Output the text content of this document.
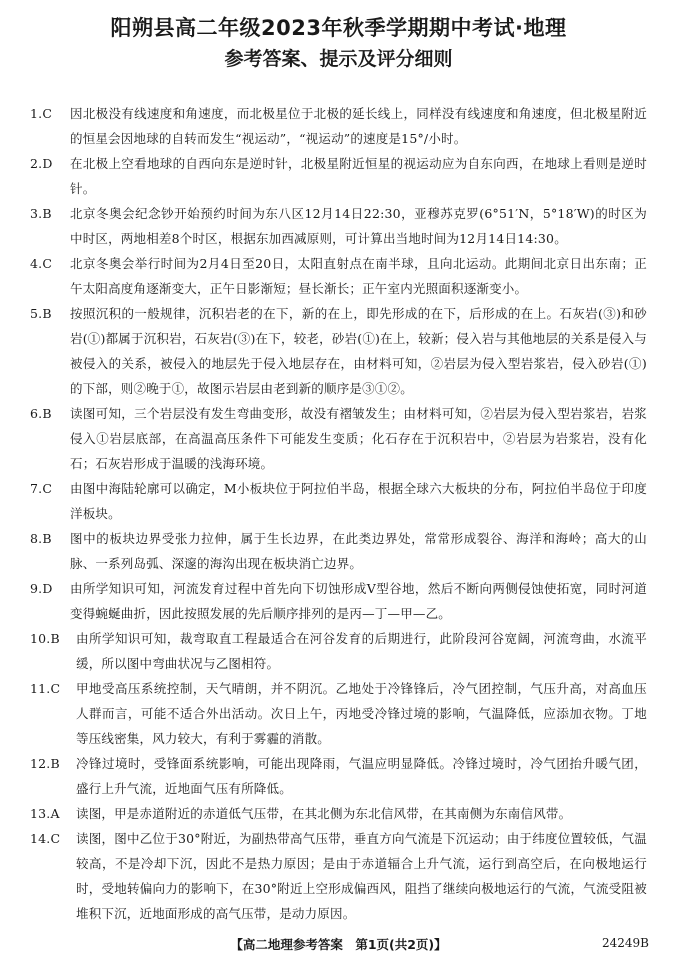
阳朔县高二年级2023年秋季学期期中考试·地理
参考答案、提示及评分细则
1.C	因北极没有线速度和角速度，而北极星位于北极的延长线上，同样没有线速度和角速度，但北极星附近的恒星会因地球的自转而发生“视运动”，“视运动”的速度是15°/小时。
2.D	在北极上空看地球的自西向东是逆时针，北极星附近恒星的视运动应为自东向西，在地球上看则是逆时针。
3.B	北京冬奥会纪念钞开始预约时间为东八区12月14日22:30，亚穆苏克罗(6°51′N，5°18′W)的时区为中时区，两地相差8个时区，根据东加西减原则，可计算出当地时间为12月14日14:30。
4.C	北京冬奥会举行时间为2月4日至20日，太阳直射点在南半球，且向北运动。此期间北京日出东南；正午太阳高度角逐渐变大，正午日影渐短；昼长渐长；正午室内光照面积逐渐变小。
5.B	按照沉积的一般规律，沉积岩老的在下，新的在上，即先形成的在下，后形成的在上。石灰岩(③)和砂岩(①)都属于沉积岩，石灰岩(③)在下，较老，砂岩(①)在上，较新；侵入岩与其他地层的关系是侵入与被侵入的关系，被侵入的地层先于侵入地层存在，由材料可知，②岩层为侵入型岩浆岩，侵入砂岩(①)的下部，则②晚于①，故图示岩层由老到新的顺序是③①②。
6.B	读图可知，三个岩层没有发生弯曲变形，故没有褶皱发生；由材料可知，②岩层为侵入型岩浆岩，岩浆侵入①岩层底部，在高温高压条件下可能发生变质；化石存在于沉积岩中，②岩层为岩浆岩，没有化石；石灰岩形成于温暖的浅海环境。
7.C	由图中海陆轮廓可以确定，M小板块位于阿拉伯半岛，根据全球六大板块的分布，阿拉伯半岛位于印度洋板块。
8.B	图中的板块边界受张力拉伸，属于生长边界，在此类边界处，常常形成裂谷、海洋和海岭；高大的山脉、一系列岛弧、深邃的海沟出现在板块消亡边界。
9.D	由所学知识可知，河流发育过程中首先向下切蚀形成V型谷地，然后不断向两侧侵蚀使拓宽，同时河道变得蜿蜒曲折，因此按照发展的先后顺序排列的是丙—丁—甲—乙。
10.B	由所学知识可知，裁弯取直工程最适合在河谷发育的后期进行，此阶段河谷宽阔，河流弯曲，水流平缓，所以图中弯曲状况与乙图相符。
11.C	甲地受高压系统控制，天气晴朗，并不阴沉。乙地处于冷锋锋后，冷气团控制，气压升高，对高血压人群而言，可能不适合外出活动。次日上午，丙地受冷锋过境的影响，气温降低，应添加衣物。丁地等压线密集，风力较大，有利于雾霾的消散。
12.B	冷锋过境时，受锋面系统影响，可能出现降雨，气温应明显降低。冷锋过境时，冷气团抬升暖气团，盛行上升气流，近地面气压有所降低。
13.A	读图，甲是赤道附近的赤道低气压带，在其北侧为东北信风带，在其南侧为东南信风带。
14.C	读图，图中乙位于30°附近，为副热带高气压带，垂直方向气流是下沉运动；由于纬度位置较低，气温较高，不是冷却下沉，因此不是热力原因；是由于赤道辐合上升气流，运行到高空后，在向极地运行时，受地转偏向力的影响下，在30°附近上空形成偏西风，阻挡了继续向极地运行的气流，气流受阻被堆积下沉，近地面形成的高气压带，是动力原因。
【高二地理参考答案　第1页(共2页)】	24249B
